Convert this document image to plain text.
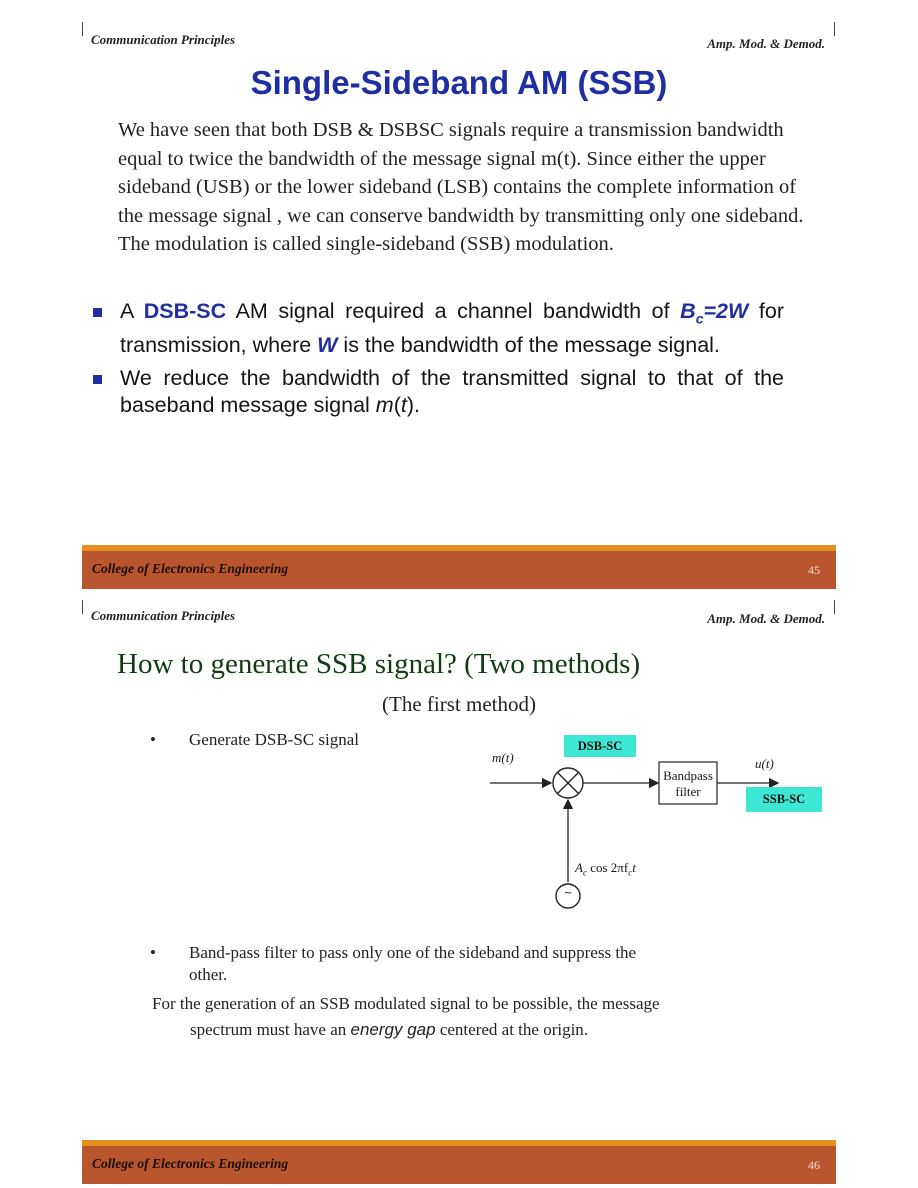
Communication Principles	Amp. Mod. & Demod.
Single-Sideband AM (SSB)
We have seen that both DSB & DSBSC signals require a transmission bandwidth equal to twice the bandwidth of the message signal m(t). Since either the upper sideband (USB) or the lower sideband (LSB) contains the complete information of the message signal , we can conserve bandwidth by transmitting only one sideband. The modulation is called single-sideband (SSB) modulation.
A DSB-SC AM signal required a channel bandwidth of $B_c=2W$ for transmission, where W is the bandwidth of the message signal.
We reduce the bandwidth of the transmitted signal to that of the baseband message signal m(t).
College of Electronics Engineering	45
Communication Principles	Amp. Mod. & Demod.
How to generate SSB signal? (Two methods)
(The first method)
• Generate DSB-SC signal
m(t)	u(t)
Bandpass
filter
$A_c$ $\cos 2\pi f_ct$
~
DSB-SC
SSB-SC
• Band-pass filter to pass only one of the sideband and suppress the
other.
For the generation of an SSB modulated signal to be possible, the message
spectrum must have an energy gap centered at the origin.
College of Electronics Engineering	46
